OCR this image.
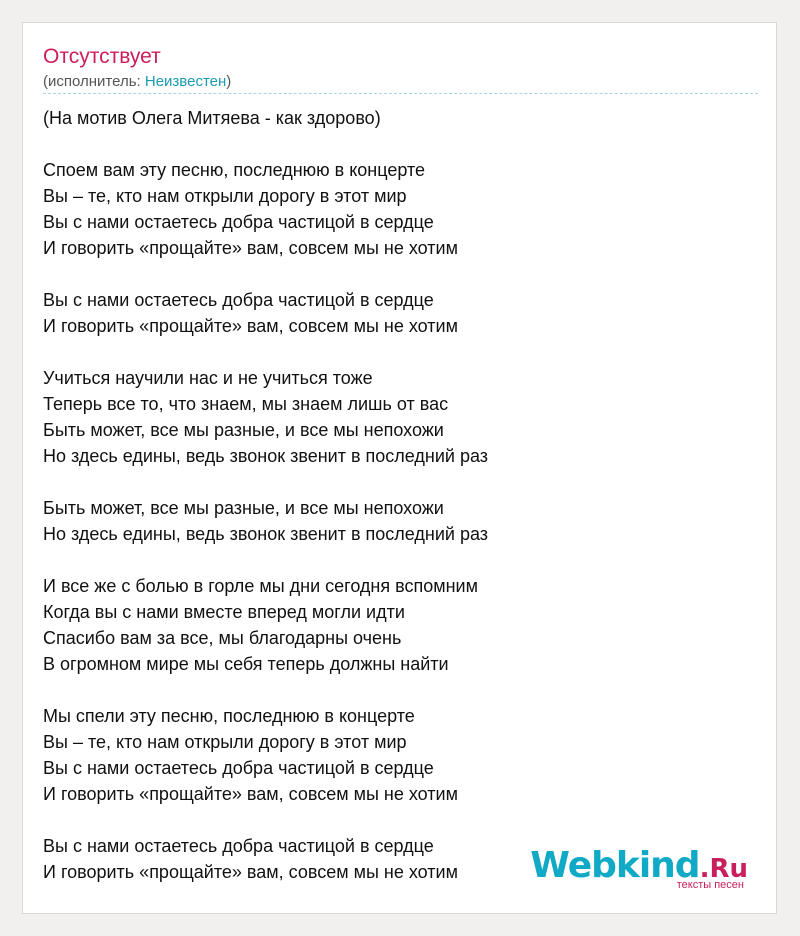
Отсутствует
(исполнитель: Неизвестен)
(На мотив Олега Митяева - как здорово)
Споем вам эту песню, последнюю в концерте
Вы – те, кто нам открыли дорогу в этот мир
Вы с нами остаетесь добра частицой в сердце
И говорить «прощайте» вам, совсем мы не хотим
Вы с нами остаетесь добра частицой в сердце
И говорить «прощайте» вам, совсем мы не хотим
Учиться научили нас и не учиться тоже
Теперь все то, что знаем, мы знаем лишь от вас
Быть может, все мы разные, и все мы непохожи
Но здесь едины, ведь звонок звенит в последний раз
Быть может, все мы разные, и все мы непохожи
Но здесь едины, ведь звонок звенит в последний раз
И все же с болью в горле мы дни сегодня вспомним
Когда вы с нами вместе вперед могли идти
Спасибо вам за все, мы благодарны очень
В огромном мире мы себя теперь должны найти
Мы спели эту песню, последнюю в концерте
Вы – те, кто нам открыли дорогу в этот мир
Вы с нами остаетесь добра частицой в сердце
И говорить «прощайте» вам, совсем мы не хотим
Вы с нами остаетесь добра частицой в сердце
И говорить «прощайте» вам, совсем мы не хотим	Webkind.Ru
тексты песен
